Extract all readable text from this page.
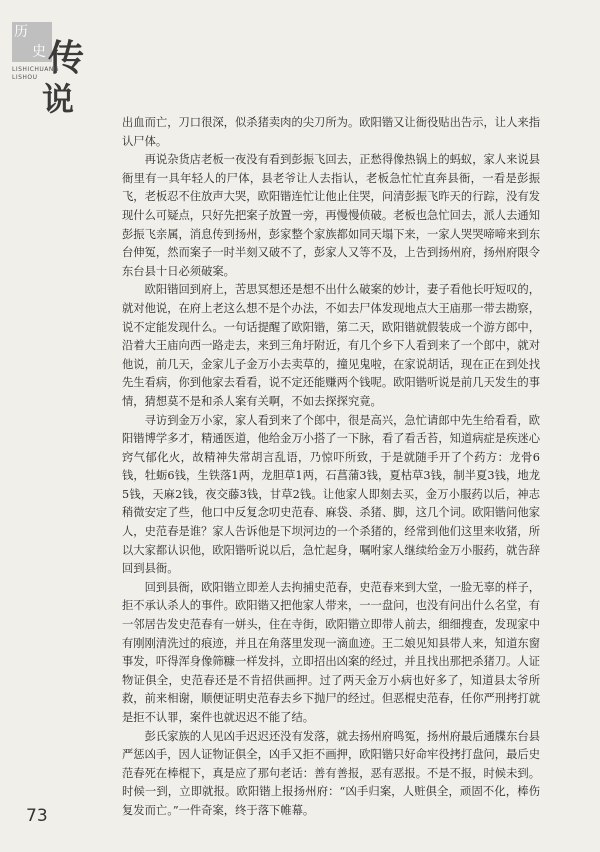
历
史 传
LISHICHUANG
LISHOU
说

出血而亡，刀口很深，似杀猪卖肉的尖刀所为。欧阳锴又让衙役贴出告示，让人来指认尸体。

再说杂货店老板一夜没有看到彭振飞回去，正愁得像热锅上的蚂蚁，家人来说县衙里有一具年轻人的尸体，县老爷让人去指认，老板急忙忙直奔县衙，一看是彭振飞，老板忍不住放声大哭，欧阳锴连忙让他止住哭，问清彭振飞昨天的行踪，没有发现什么可疑点，只好先把案子放置一旁，再慢慢侦破。老板也急忙回去，派人去通知彭振飞亲属，消息传到扬州，彭家整个家族都如同天塌下来，一家人哭哭啼啼来到东台伸冤，然而案子一时半刻又破不了，彭家人又等不及，上告到扬州府，扬州府限令东台县十日必须破案。

欧阳锴回到府上，苦思冥想还是想不出什么破案的妙计，妻子看他长吁短叹的，就对他说，在府上老这么想不是个办法，不如去尸体发现地点大王庙那一带去勘察，说不定能发现什么。一句话提醒了欧阳锴，第二天，欧阳锴就假装成一个游方郎中，沿着大王庙向西一路走去，来到三角圩附近，有几个乡下人看到来了一个郎中，就对他说，前几天，金家儿子金万小去卖草的，撞见鬼啦，在家说胡话，现在正在到处找先生看病，你到他家去看看，说不定还能赚两个钱呢。欧阳锴听说是前几天发生的事情，猜想莫不是和杀人案有关啊，不如去探探究竟。

寻访到金万小家，家人看到来了个郎中，很是高兴，急忙请郎中先生给看看，欧阳锴博学多才，精通医道，他给金万小搭了一下脉，看了看舌苔，知道病症是疾迷心窍气郁化火，故精神失常胡言乱语，乃惊吓所致，于是就随手开了个药方：龙骨6钱，牡蛎6钱，生铁落1两，龙胆草1两，石菖蒲3钱，夏枯草3钱，制半夏3钱，地龙5钱，天麻2钱，夜交藤3钱，甘草2钱。让他家人即刻去买，金万小服药以后，神志稍微安定了些，他口中反复念叨史范春、麻袋、杀猪、脚，这几个词。欧阳锴问他家人，史范春是谁？家人告诉他是下坝河边的一个杀猪的，经常到他们这里来收猪，所以大家都认识他，欧阳锴听说以后，急忙起身，嘱咐家人继续给金万小服药，就告辞回到县衙。

回到县衙，欧阳锴立即差人去拘捕史范春，史范春来到大堂，一脸无辜的样子，拒不承认杀人的事件。欧阳锴又把他家人带来，一一盘问，也没有问出什么名堂，有一邻居告发史范春有一姘头，住在寺街，欧阳锴立即带人前去，细细搜查，发现家中有刚刚清洗过的痕迹，并且在角落里发现一滴血迹。王二娘见知县带人来，知道东窗事发，吓得浑身像筛糠一样发抖，立即招出凶案的经过，并且找出那把杀猪刀。人证物证俱全，史范春还是不肯招供画押。过了两天金万小病也好多了，知道县太爷所救，前来相谢，顺便证明史范春去乡下抛尸的经过。但恶棍史范春，任你严刑拷打就是拒不认罪，案件也就迟迟不能了结。

彭氏家族的人见凶手迟迟还没有发落，就去扬州府鸣冤，扬州府最后通牒东台县严惩凶手，因人证物证俱全，凶手又拒不画押，欧阳锴只好命牢役拷打盘问，最后史范春死在棒棍下，真是应了那句老话：善有善报，恶有恶报。不是不报，时候未到。时候一到，立即就报。欧阳锴上报扬州府：“凶手归案，人赃俱全，顽固不化，棒伤复发而亡。”一件奇案，终于落下帷幕。

73
